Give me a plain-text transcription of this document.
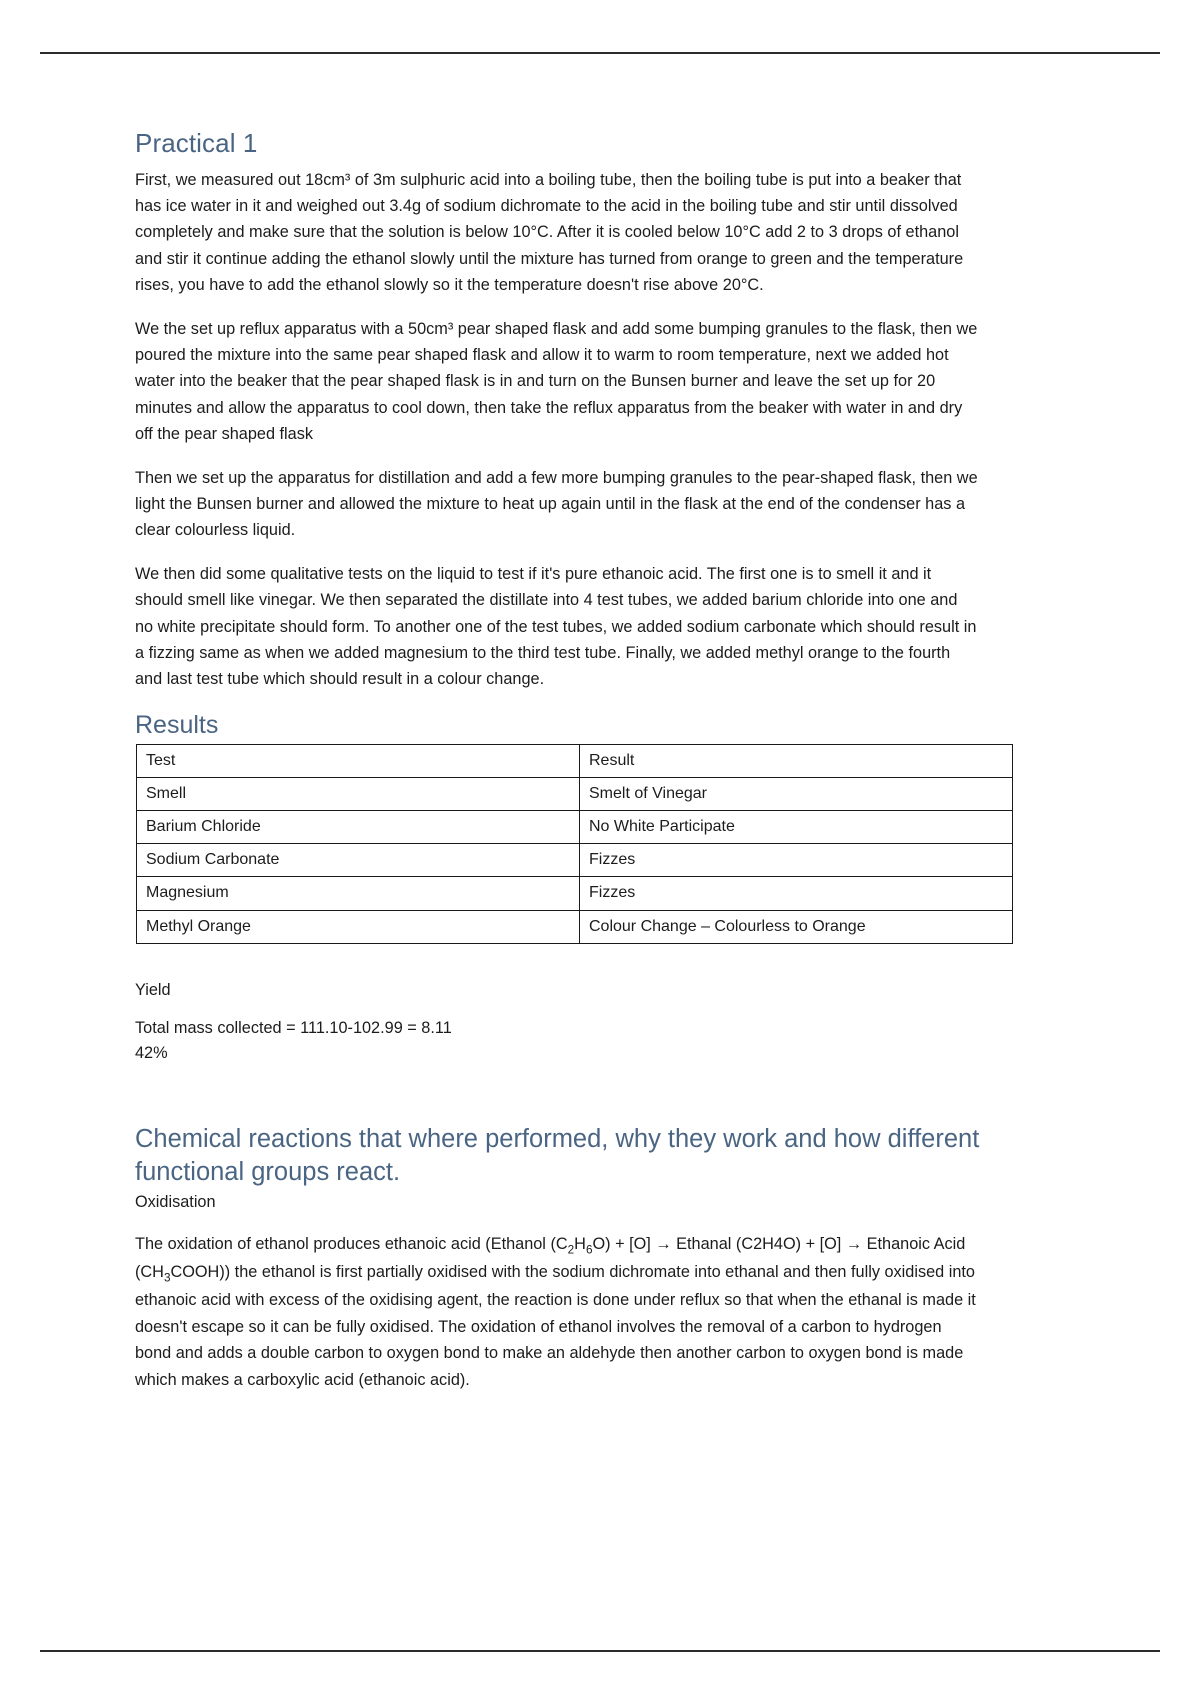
Practical 1

First, we measured out 18cm³ of 3m sulphuric acid into a boiling tube, then the boiling tube is put into a beaker that has ice water in it and weighed out 3.4g of sodium dichromate to the acid in the boiling tube and stir until dissolved completely and make sure that the solution is below 10°C. After it is cooled below 10°C add 2 to 3 drops of ethanol and stir it continue adding the ethanol slowly until the mixture has turned from orange to green and the temperature rises, you have to add the ethanol slowly so it the temperature doesn't rise above 20°C.

We the set up reflux apparatus with a 50cm³ pear shaped flask and add some bumping granules to the flask, then we poured the mixture into the same pear shaped flask and allow it to warm to room temperature, next we added hot water into the beaker that the pear shaped flask is in and turn on the Bunsen burner and leave the set up for 20 minutes and allow the apparatus to cool down, then take the reflux apparatus from the beaker with water in and dry off the pear shaped flask

Then we set up the apparatus for distillation and add a few more bumping granules to the pear-shaped flask, then we light the Bunsen burner and allowed the mixture to heat up again until in the flask at the end of the condenser has a clear colourless liquid.

We then did some qualitative tests on the liquid to test if it's pure ethanoic acid. The first one is to smell it and it should smell like vinegar. We then separated the distillate into 4 test tubes, we added barium chloride into one and no white precipitate should form. To another one of the test tubes, we added sodium carbonate which should result in a fizzing same as when we added magnesium to the third test tube. Finally, we added methyl orange to the fourth and last test tube which should result in a colour change.

Results
Test	Result
Smell	Smelt of Vinegar
Barium Chloride	No White Participate
Sodium Carbonate	Fizzes
Magnesium	Fizzes
Methyl Orange	Colour Change – Colourless to Orange

Yield

Total mass collected = 111.10-102.99 = 8.11

42%

Chemical reactions that where performed, why they work and how different functional groups react.

Oxidisation

The oxidation of ethanol produces ethanoic acid (Ethanol $(C_2H_6O) + [O]$ → Ethanal (C2H4O) + [O] → Ethanoic Acid $(CH_3COOH)$) the ethanol is first partially oxidised with the sodium dichromate into ethanal and then fully oxidised into ethanoic acid with excess of the oxidising agent, the reaction is done under reflux so that when the ethanal is made it doesn't escape so it can be fully oxidised. The oxidation of ethanol involves the removal of a carbon to hydrogen bond and adds a double carbon to oxygen bond to make an aldehyde then another carbon to oxygen bond is made which makes a carboxylic acid (ethanoic acid).
